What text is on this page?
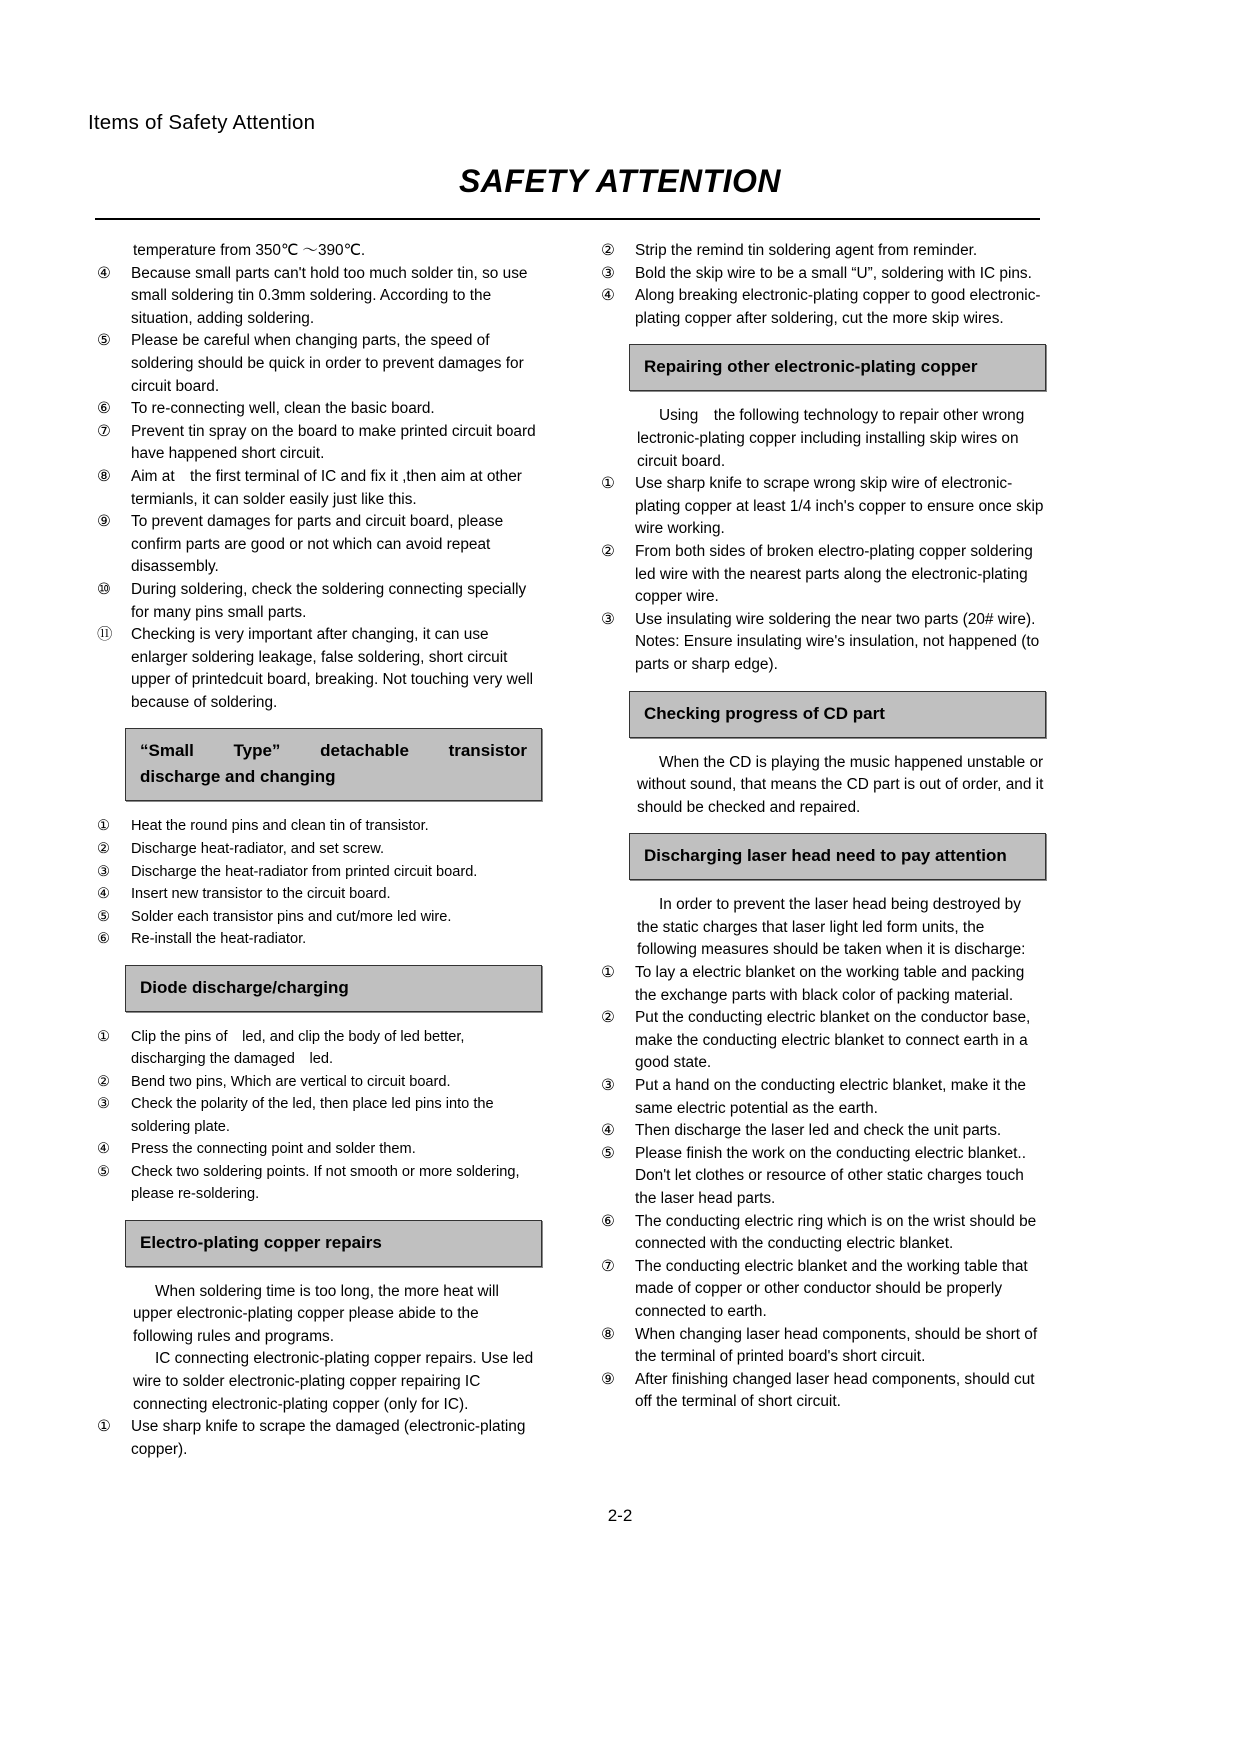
Items of Safety Attention
SAFETY ATTENTION
temperature from 350℃ ～390℃.
④	Because small parts can't hold too much solder tin, so use small soldering tin 0.3mm soldering. According to the situation, adding soldering.
⑤	Please be careful when changing parts, the speed of soldering should be quick in order to prevent damages for circuit board.
⑥	To re-connecting well, clean the basic board.
⑦	Prevent tin spray on the board to make printed circuit board have happened short circuit.
⑧	Aim at　the first terminal of IC and fix it ,then aim at other termianls, it can solder easily just like this.
⑨	To prevent damages for parts and circuit board, please confirm parts are good or not which can avoid repeat disassembly.
⑩	During soldering, check the soldering connecting specially for many pins small parts.
⑪	Checking is very important after changing, it can use enlarger soldering leakage, false soldering, short circuit upper of printedcuit board, breaking. Not touching very well because of soldering.
“Small Type” detachable transistor
discharge and changing
①	Heat the round pins and clean tin of transistor.
②	Discharge heat-radiator, and set screw.
③	Discharge the heat-radiator from printed circuit board.
④	Insert new transistor to the circuit board.
⑤	Solder each transistor pins and cut/more led wire.
⑥	Re-install the heat-radiator.
Diode discharge/charging
①	Clip the pins of　led, and clip the body of led better, discharging the damaged　led.
②	Bend two pins, Which are vertical to circuit board.
③	Check the polarity of the led, then place led pins into the soldering plate.
④	Press the connecting point and solder them.
⑤	Check two soldering points. If not smooth or more soldering, please re-soldering.
Electro-plating copper repairs
When soldering time is too long, the more heat will upper electronic-plating copper please abide to the following rules and programs.
IC connecting electronic-plating copper repairs. Use led wire to solder electronic-plating copper repairing IC connecting electronic-plating copper (only for IC).
①	Use sharp knife to scrape the damaged (electronic-plating copper).
②	Strip the remind tin soldering agent from reminder.
③	Bold the skip wire to be a small “U”, soldering with IC pins.
④	Along breaking electronic-plating copper to good electronic-plating copper after soldering, cut the more skip wires.
Repairing other electronic-plating copper
Using　the following technology to repair other wrong lectronic-plating copper including installing skip wires on circuit board.
①	Use sharp knife to scrape wrong skip wire of electronic-plating copper at least 1/4 inch's copper to ensure once skip wire working.
②	From both sides of broken electro-plating copper soldering led wire with the nearest parts along the electronic-plating copper wire.
③	Use insulating wire soldering the near two parts (20# wire). Notes: Ensure insulating wire's insulation, not happened (to parts or sharp edge).
Checking progress of CD part
When the CD is playing the music happened unstable or without sound, that means the CD part is out of order, and it should be checked and repaired.
Discharging laser head need to pay attention
In order to prevent the laser head being destroyed by the static charges that laser light led form units, the following measures should be taken when it is discharge:
①	To lay a electric blanket on the working table and packing the exchange parts with black color of packing material.
②	Put the conducting electric blanket on the conductor base, make the conducting electric blanket to connect earth in a good state.
③	Put a hand on the conducting electric blanket, make it the same electric potential as the earth.
④	Then discharge the laser led and check the unit parts.
⑤	Please finish the work on the conducting electric blanket.. Don't let clothes or resource of other static charges touch the laser head parts.
⑥	The conducting electric ring which is on the wrist should be connected with the conducting electric blanket.
⑦	The conducting electric blanket and the working table that made of copper or other conductor should be properly connected to earth.
⑧	When changing laser head components, should be short of the terminal of printed board's short circuit.
⑨	After finishing changed laser head components, should cut off the terminal of short circuit.
2-2
